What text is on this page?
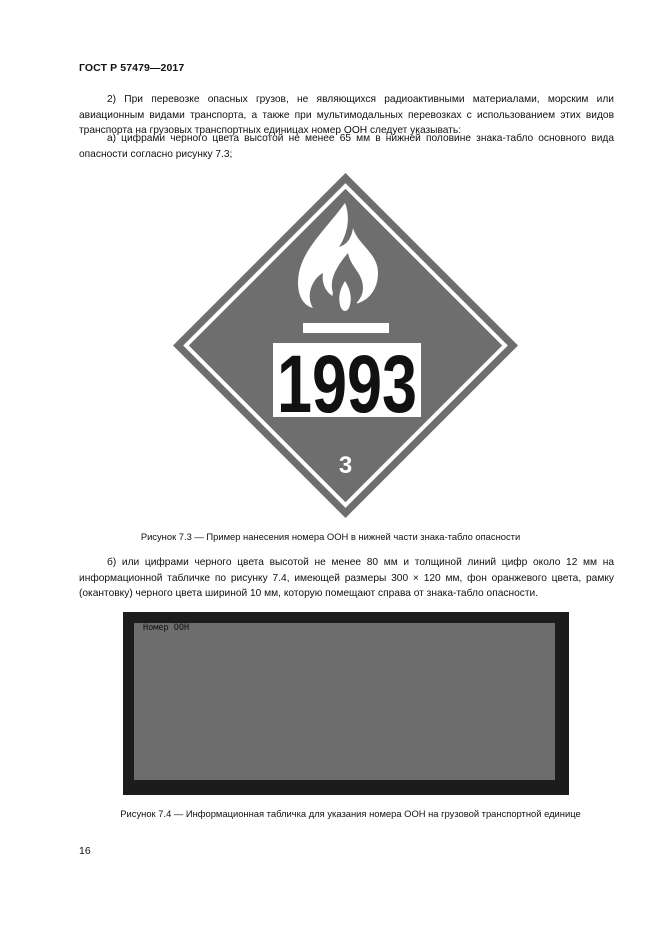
ГОСТ Р 57479—2017

2) При перевозке опасных грузов, не являющихся радиоактивными материалами, морским или авиационным видами транспорта, а также при мультимодальных перевозках с использованием этих видов транспорта на грузовых транспортных единицах номер ООН следует указывать:

а) цифрами черного цвета высотой не менее 65 мм в нижней половине знака-табло основного вида опасности согласно рисунку 7.3;

1993
3
Рисунок 7.3 — Пример нанесения номера ООН в нижней части знака-табло опасности

б) или цифрами черного цвета высотой не менее 80 мм и толщиной линий цифр около 12 мм на информационной табличке по рисунку 7.4, имеющей размеры 300 × 120 мм, фон оранжевого цвета, рамку (окантовку) черного цвета шириной 10 мм, которую помещают справа от знака-табло опасности.

Номер ООН
Рисунок 7.4 — Информационная табличка для указания номера ООН на грузовой транспортной единице
16
